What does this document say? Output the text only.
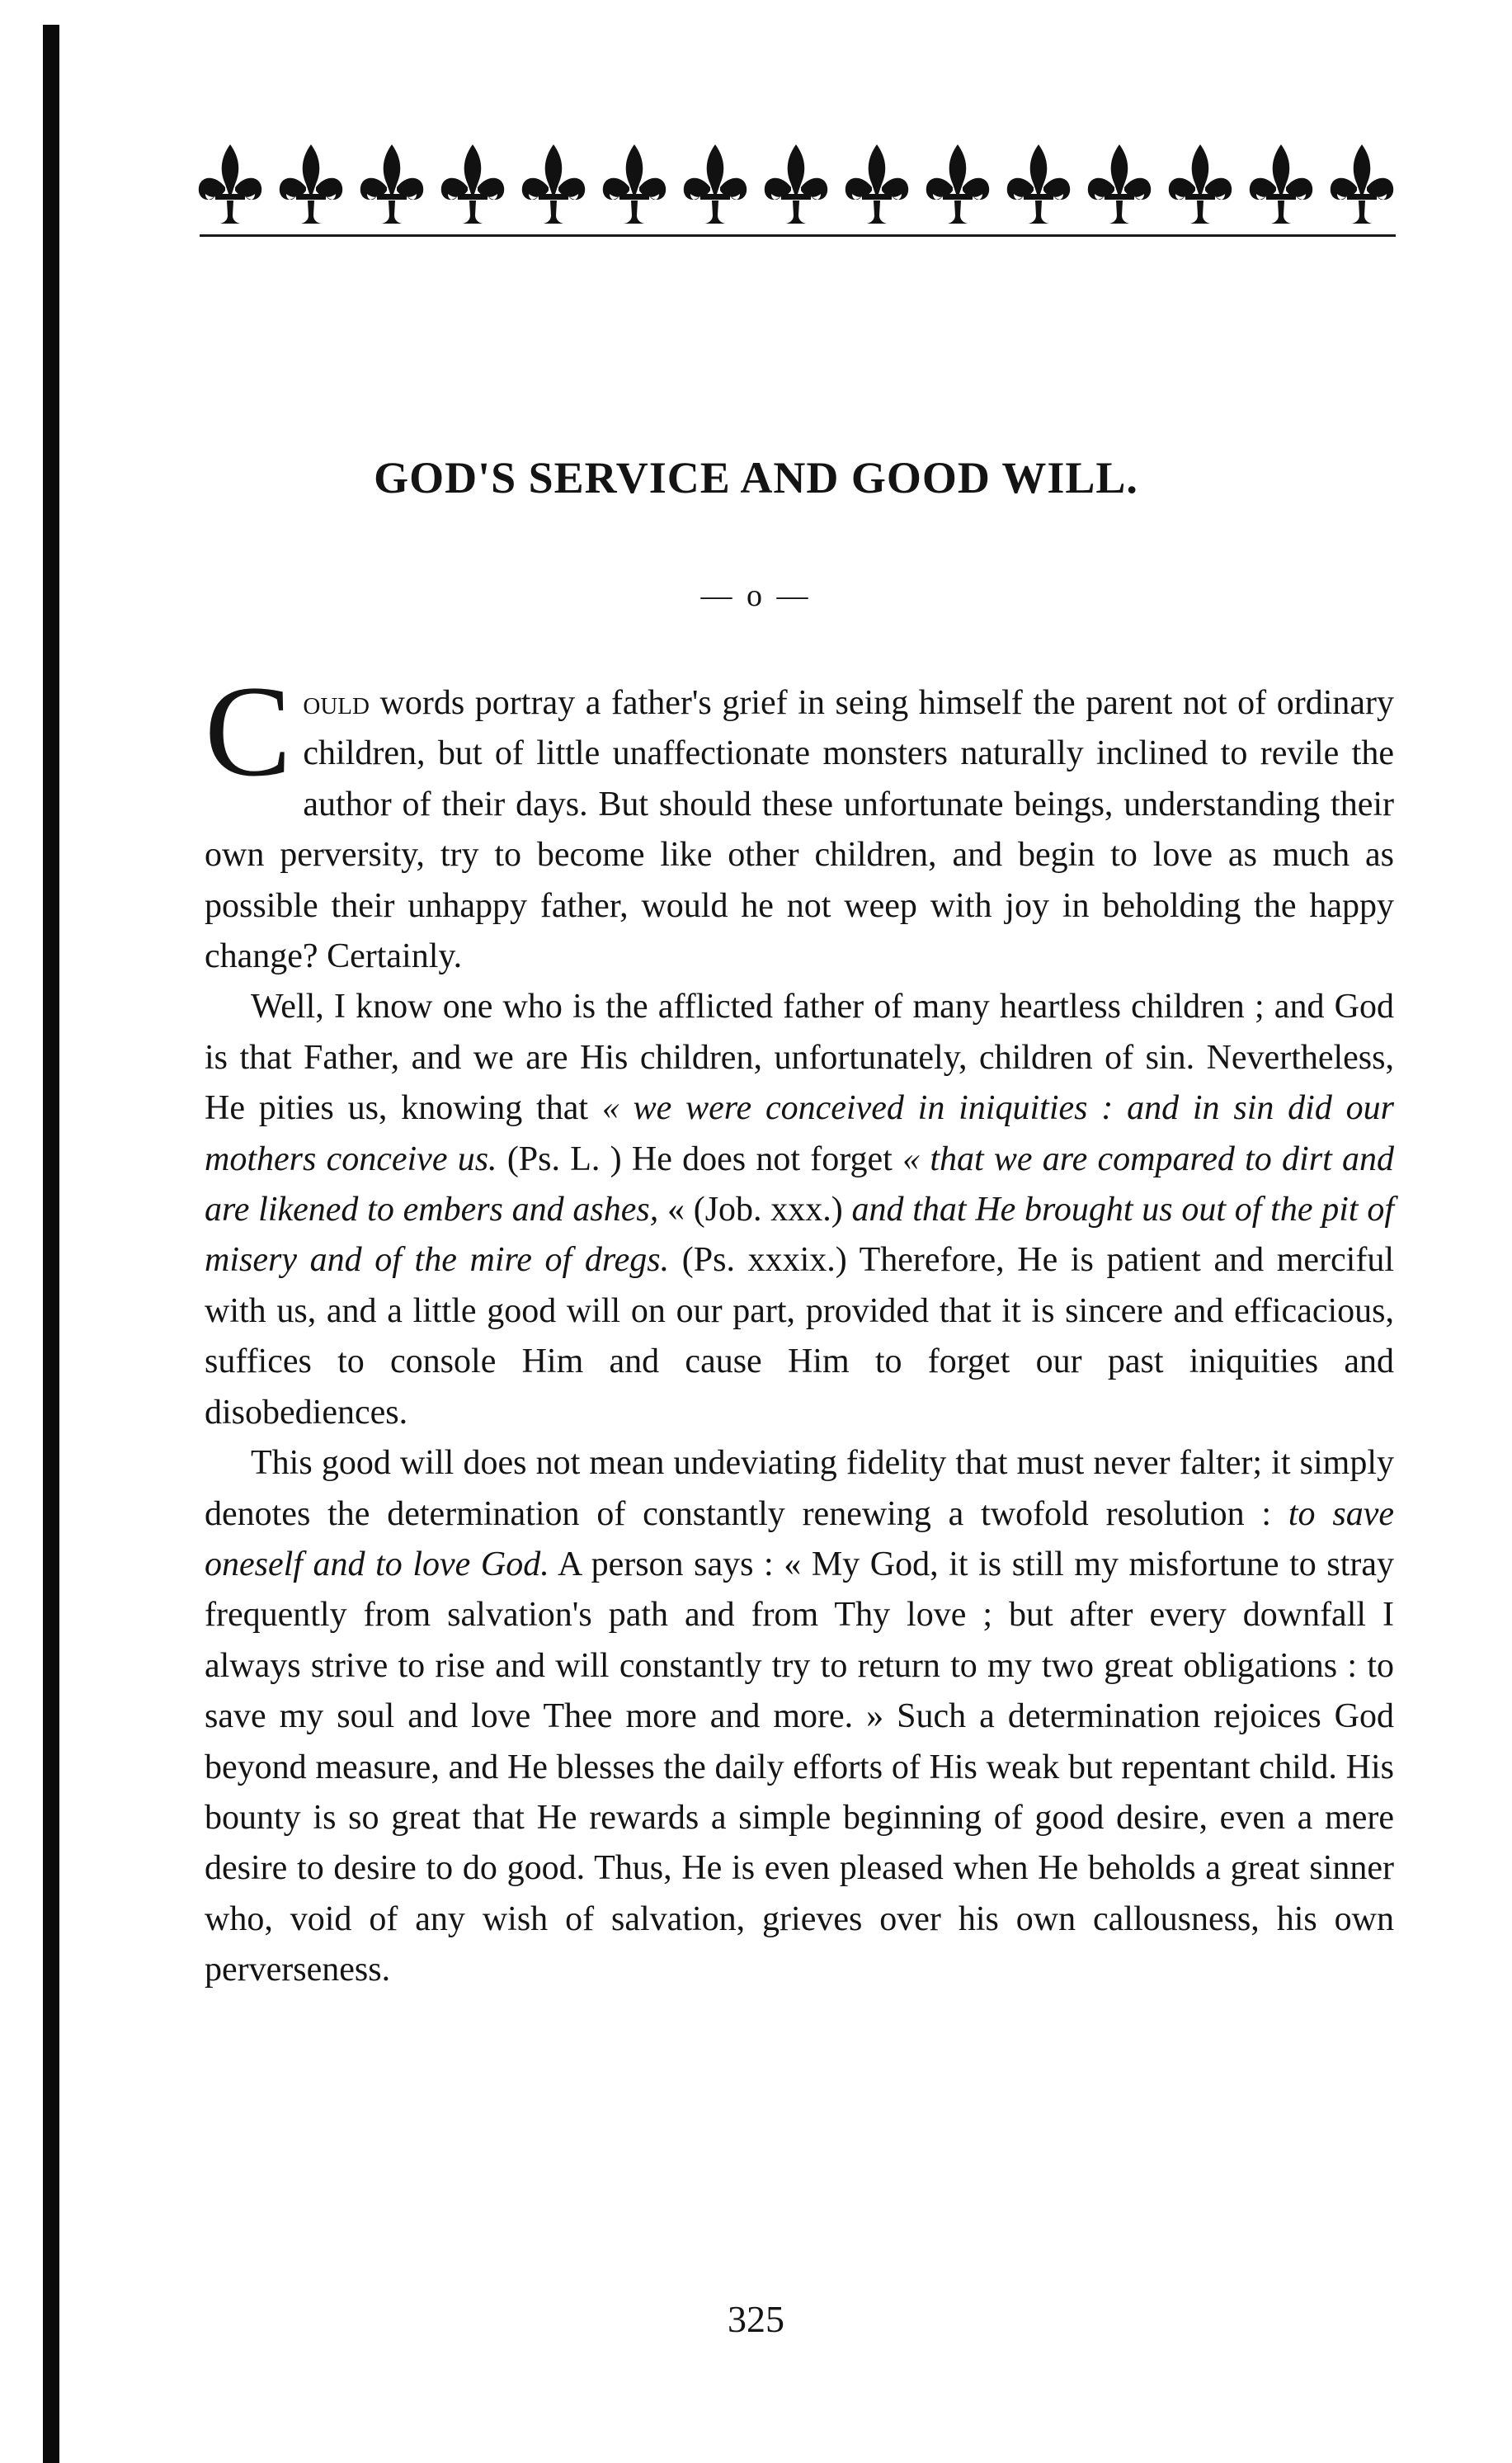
GOD'S SERVICE AND GOOD WILL.
— o —

Could words portray a father's grief in seing himself the parent not of ordinary children, but of little unaffectionate monsters naturally inclined to revile the author of their days. But should these unfortunate beings, understanding their own perversity, try to become like other children, and begin to love as much as possible their unhappy father, would he not weep with joy in beholding the happy change? Certainly.

Well, I know one who is the afflicted father of many heartless children ; and God is that Father, and we are His children, unfortunately, children of sin. Nevertheless, He pities us, knowing that « we were conceived in iniquities : and in sin did our mothers conceive us. (Ps. L. ) He does not forget « that we are compared to dirt and are likened to embers and ashes, « (Job. xxx.) and that He brought us out of the pit of misery and of the mire of dregs. (Ps. xxxix.) Therefore, He is patient and merciful with us, and a little good will on our part, provided that it is sincere and efficacious, suffices to console Him and cause Him to forget our past iniquities and disobediences.

This good will does not mean undeviating fidelity that must never falter; it simply denotes the determination of constantly renewing a twofold resolution : to save oneself and to love God. A person says : « My God, it is still my misfortune to stray frequently from salvation's path and from Thy love ; but after every downfall I always strive to rise and will constantly try to return to my two great obligations : to save my soul and love Thee more and more. » Such a determination rejoices God beyond measure, and He blesses the daily efforts of His weak but repentant child. His bounty is so great that He rewards a simple beginning of good desire, even a mere desire to desire to do good. Thus, He is even pleased when He beholds a great sinner who, void of any wish of salvation, grieves over his own callousness, his own perverseness.

325
